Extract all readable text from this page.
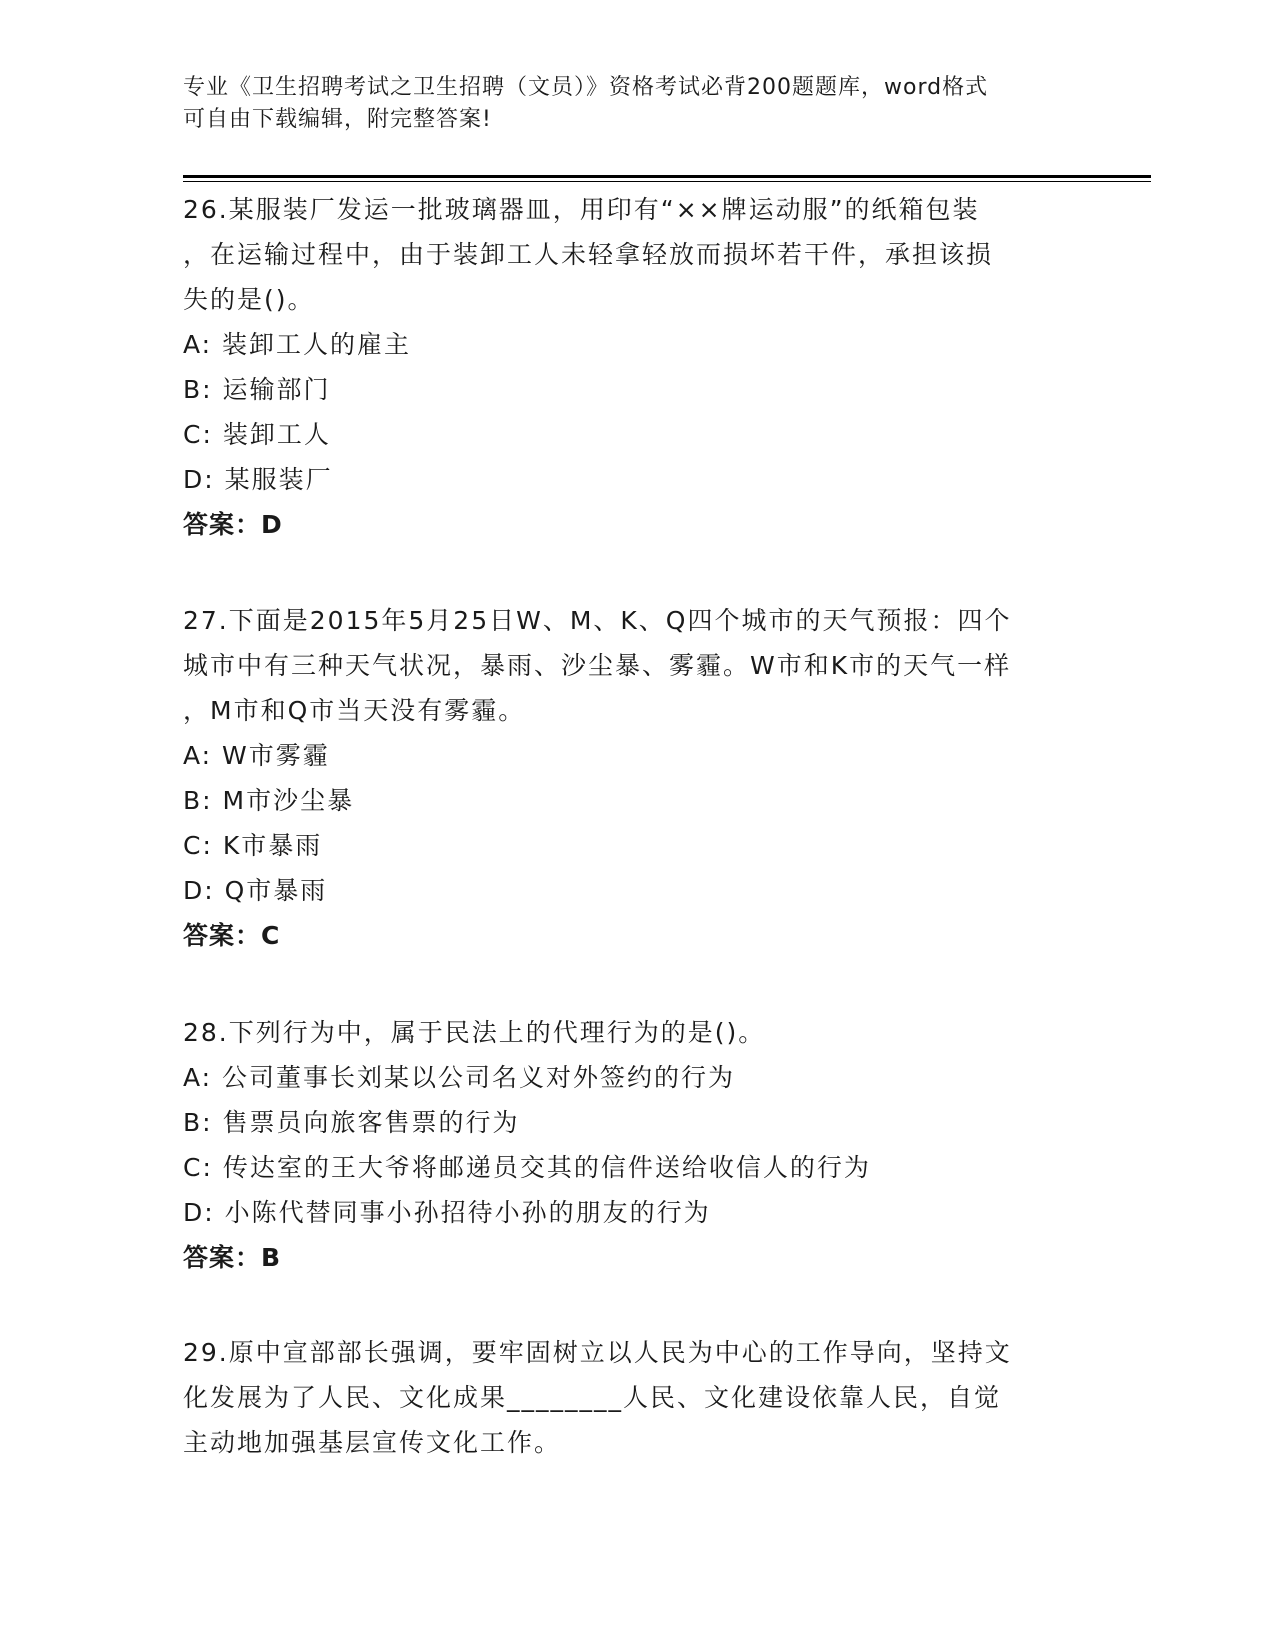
专业《卫生招聘考试之卫生招聘（文员）》资格考试必背200题题库，word格式
可自由下载编辑，附完整答案!
26.某服装厂发运一批玻璃器皿，用印有“××牌运动服”的纸箱包装
，在运输过程中，由于装卸工人未轻拿轻放而损坏若干件，承担该损
失的是()。
A: 装卸工人的雇主
B: 运输部门
C: 装卸工人
D: 某服装厂
答案：D
27.下面是2015年5月25日W、M、K、Q四个城市的天气预报：四个
城市中有三种天气状况，暴雨、沙尘暴、雾霾。W市和K市的天气一样
，M市和Q市当天没有雾霾。
A: W市雾霾
B: M市沙尘暴
C: K市暴雨
D: Q市暴雨
答案：C
28.下列行为中，属于民法上的代理行为的是()。
A: 公司董事长刘某以公司名义对外签约的行为
B: 售票员向旅客售票的行为
C: 传达室的王大爷将邮递员交其的信件送给收信人的行为
D: 小陈代替同事小孙招待小孙的朋友的行为
答案：B
29.原中宣部部长强调，要牢固树立以人民为中心的工作导向，坚持文
化发展为了人民、文化成果________人民、文化建设依靠人民，自觉
主动地加强基层宣传文化工作。
